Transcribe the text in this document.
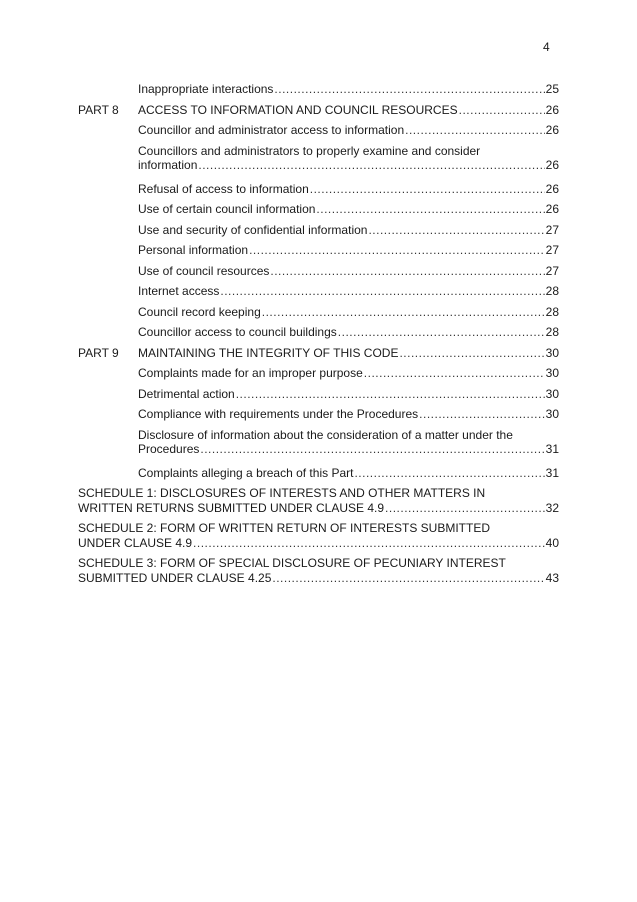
4
Inappropriate interactions .....	25
PART 8	ACCESS TO INFORMATION AND COUNCIL RESOURCES .....	26
Councillor and administrator access to information .....	26
Councillors and administrators to properly examine and consider
information .....	26
Refusal of access to information .....	26
Use of certain council information .....	26
Use and security of confidential information .....	27
Personal information .....	27
Use of council resources .....	27
Internet access .....	28
Council record keeping .....	28
Councillor access to council buildings .....	28
PART 9	MAINTAINING THE INTEGRITY OF THIS CODE .....	30
Complaints made for an improper purpose .....	30
Detrimental action .....	30
Compliance with requirements under the Procedures .....	30
Disclosure of information about the consideration of a matter under the
Procedures .....	31
Complaints alleging a breach of this Part .....	31
SCHEDULE 1: DISCLOSURES OF INTERESTS AND OTHER MATTERS IN
WRITTEN RETURNS SUBMITTED UNDER CLAUSE 4.9 .....	32
SCHEDULE 2: FORM OF WRITTEN RETURN OF INTERESTS SUBMITTED
UNDER CLAUSE 4.9 .....	40
SCHEDULE 3: FORM OF SPECIAL DISCLOSURE OF PECUNIARY INTEREST
SUBMITTED UNDER CLAUSE 4.25 .....	43
